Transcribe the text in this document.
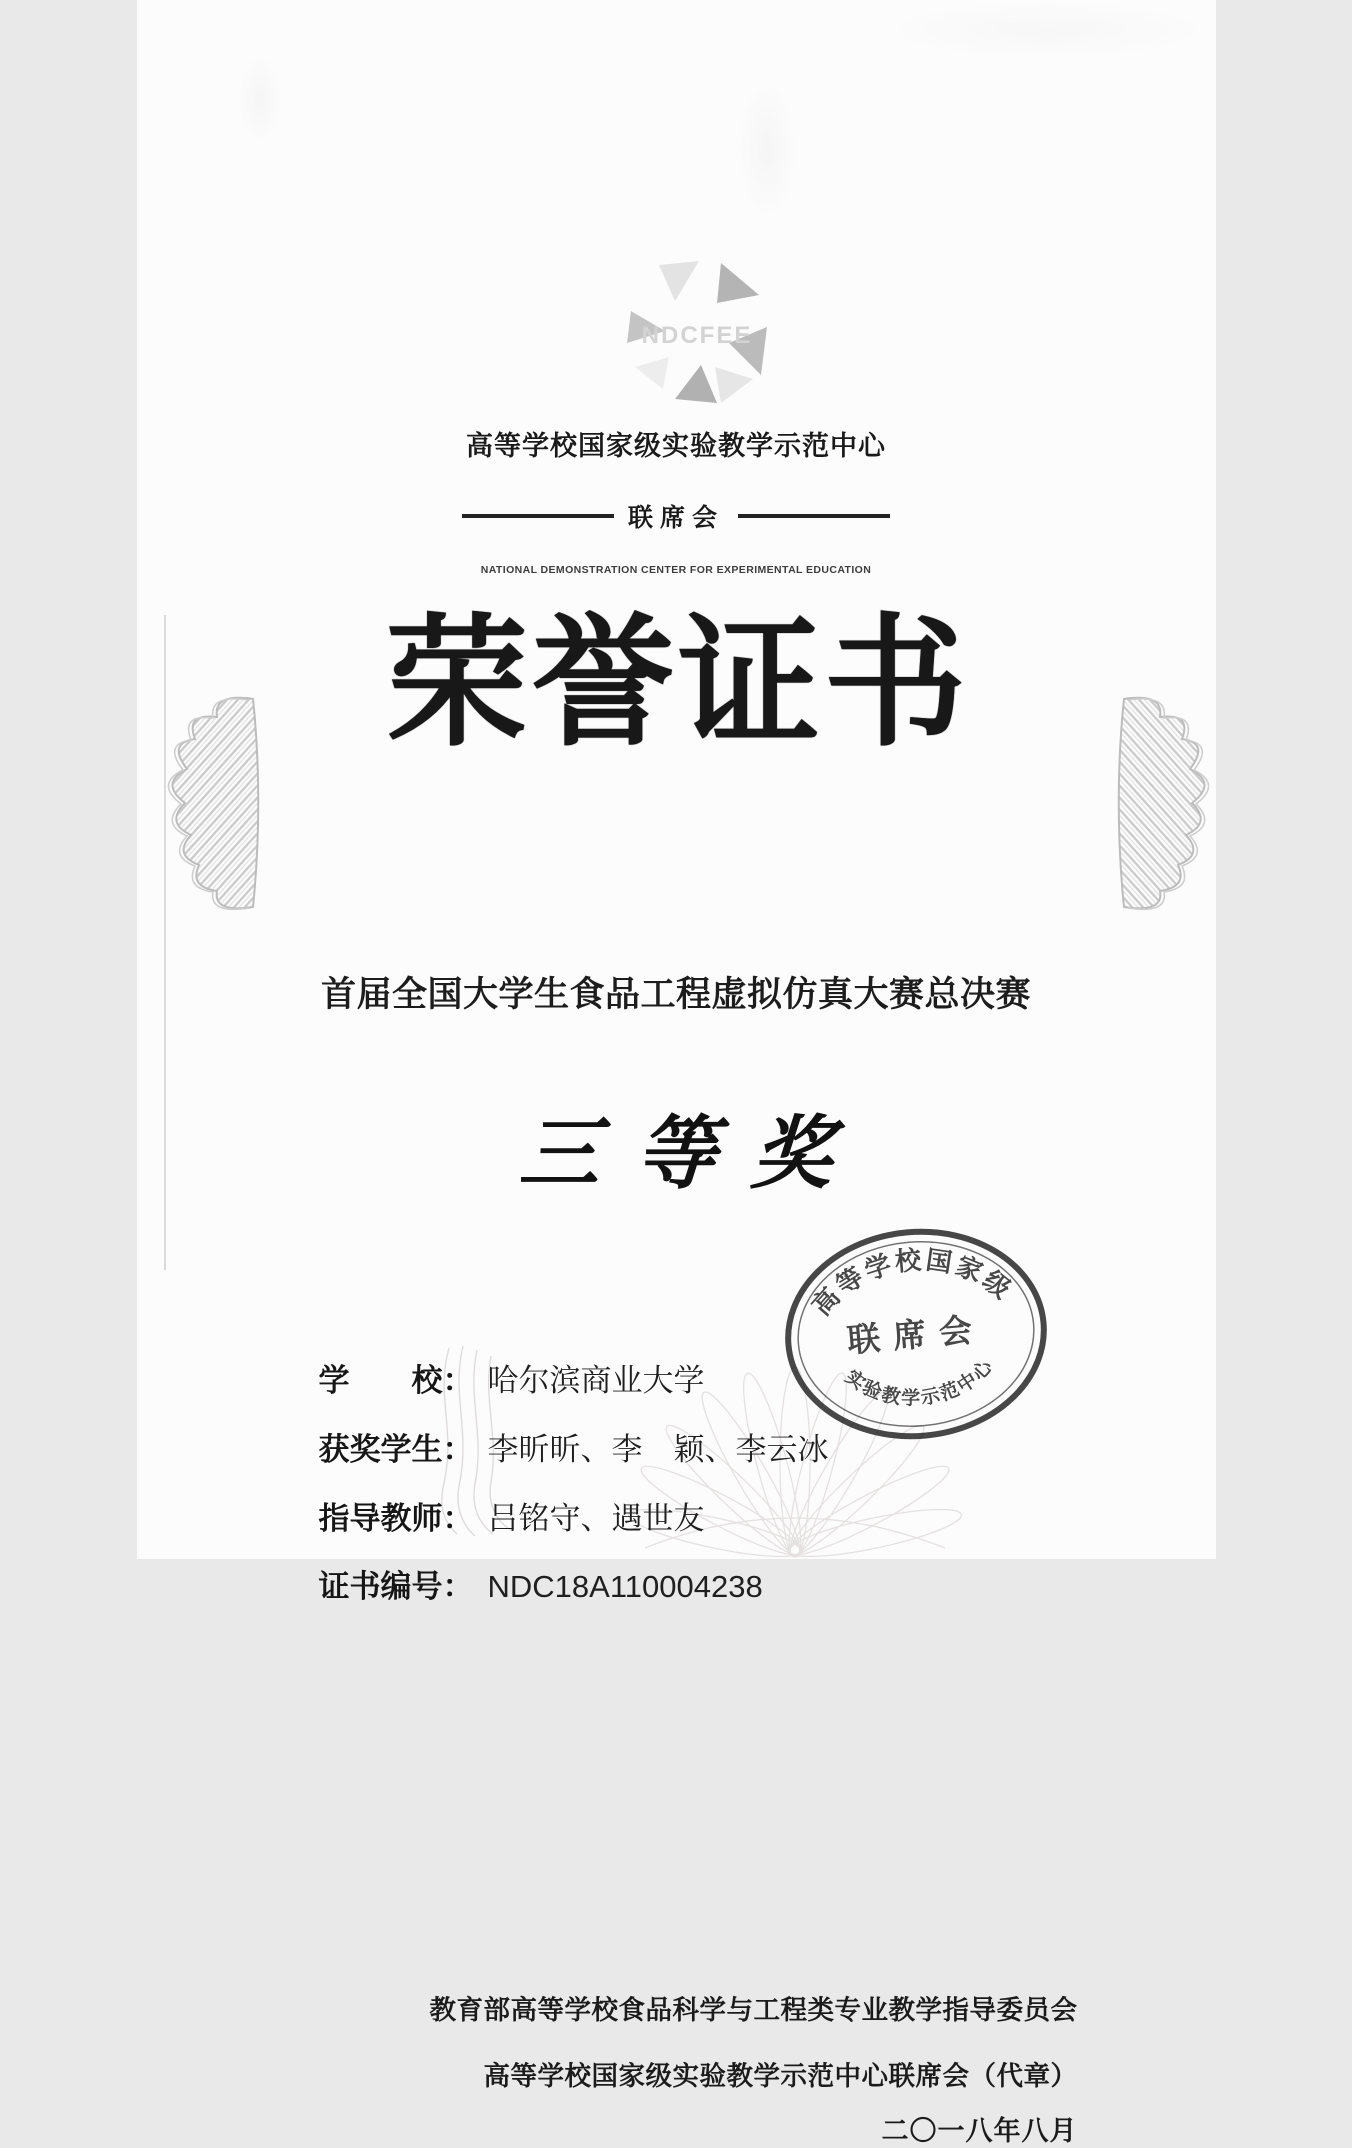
NDCFEE
高等学校国家级实验教学示范中心
联席会
NATIONAL DEMONSTRATION CENTER FOR EXPERIMENTAL EDUCATION
荣誉证书
首届全国大学生食品工程虚拟仿真大赛总决赛
三等奖
学　　校： 哈尔滨商业大学
获奖学生： 李昕昕、李　颖、李云冰
指导教师： 吕铭守、遇世友
证书编号： NDC18A110004238
教育部高等学校食品科学与工程类专业教学指导委员会
高等学校国家级实验教学示范中心联席会（代章）
二〇一八年八月
高等学校国家级
联席会
实验教学示范中心
